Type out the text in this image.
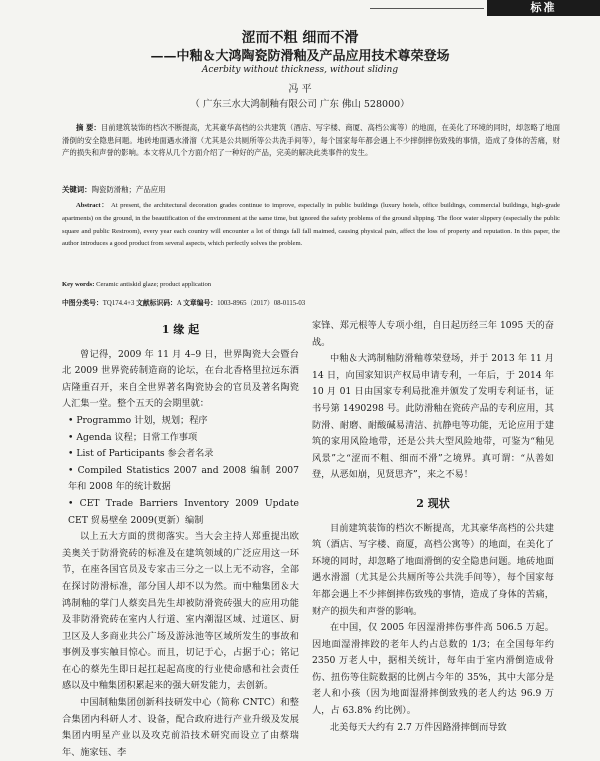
标准
涩而不粗 细而不滑
——中釉＆大鸿陶瓷防滑釉及产品应用技术尊荣登场
Acerbity without thickness, without sliding
冯 平
（ 广东三水大鸿制釉有限公司 广东 佛山 528000）
摘 要：目前建筑装饰的档次不断提高，尤其豪华高档的公共建筑（酒店、写字楼、商厦、高档公寓等）的地面，在美化了环境的同时，却忽略了地面滑倒的安全隐患问题。地砖地面遇水滑溜（尤其是公共厕所等公共洗手间等），每个国家每年都会遇上不少摔倒摔伤致残的事情，造成了身体的苦痛，财产的损失和声誉的影响。本文将从几个方面介绍了一种好的产品，完美的解决此类事件的发生。
关键词：陶瓷防滑釉；产品应用
Abstract： At present, the architectural decoration grades continue to improve, especially in public buildings (luxury hotels, office buildings, commercial buildings, high-grade apartments) on the ground, in the beautification of the environment at the same time, but ignored the safety problems of the ground slipping. The floor water slippery (especially the public square and public Restroom), every year each country will encounter a lot of things fall fall maimed, causing physical pain, affect the loss of property and reputation. In this paper, the author introduces a good product from several aspects, which perfectly solves the problem.
Key words: Ceramic antiskid glaze; product application
中图分类号：TQ174.4+3 文献标识码：A 文章编号：1003-8965（2017）08-0115-03
1 缘 起

曾记得，2009 年 11 月 4–9 日，世界陶瓷大会暨台北 2009 世界瓷砖制造商的论坛，在台北香格里拉远东酒店隆重召开，来自全世界著名陶瓷协会的官员及著名陶瓷人汇集一堂。整个五天的会期里就：

• Programmo 计划，规划；程序

• Agenda 议程；日常工作事项

• List of Participants 参会者名录

• Compiled Statistics 2007 and 2008 编制 2007 年和 2008 年的统计数据

• CET Trade Barriers Inventory 2009 Update CET 贸易壁垒 2009(更新）编制

以上五大方面的贯彻落实。当大会主持人郑重提出欧美奥关于防滑瓷砖的标准及在建筑领域的广泛应用这一环节，在座各国官员及专家击三分之一以上无不动容，全部在探讨防滑标准，部分国人却不以为然。而中釉集团＆大鸿制釉的掌门人蔡奕昌先生却被防滑瓷砖强大的应用功能及非防滑瓷砖在室内人行道、室内潮湿区域、过道区、厨卫区及人多商业共公广场及游泳池等区域所发生的事故和事例及事实触目惊心。而且，切记于心，占据于心；铭记在心的蔡先生即日起扛起起高度的行业使命感和社会责任感以及中釉集团积累起来的强大研发能力，去创新。

中国制釉集团创新科技研发中心（简称 CNTC）和整合集团内科研人才、设备，配合政府进行产业升级及发展集团内明星产业以及攻克前沿技术研究而设立了由蔡瑞年、施家钰、李

家锋、郑元根等人专项小组，自日起历经三年 1095 天的奋战。

中釉＆大鸿制釉防滑釉尊荣登场，并于 2013 年 11 月 14 日，向国家知识产权局申请专利，一年后，于 2014 年 10 月 01 日由国家专利局批准并颁发了发明专利证书，证书号第 1490298 号。此防滑釉在瓷砖产品的专利应用，其防滑、耐磨、耐酸碱易清洁、抗静电等功能，无论应用于建筑的家用风险地带，还是公共大型风险地带，可鉴为“釉见风景”之“涩而不粗、细而不滑”之境界。真可谓：“从善如登，从恶如崩，见贤思齐”，来之不易！

2 现状

目前建筑装饰的档次不断提高，尤其豪华高档的公共建筑（酒店、写字楼、商厦，高档公寓等）的地面，在美化了环境的同时，却忽略了地面滑倒的安全隐患问题。地砖地面遇水滑溜（尤其是公共厕所等公共洗手间等），每个国家每年都会遇上不少摔倒摔伤致残的事情，造成了身体的苦痛，财产的损失和声誉的影响。

在中国，仅 2005 年因湿滑摔伤事件高 506.5 万起。因地面湿滑摔跤的老年人约占总数的 1/3；在全国每年约 2350 万老人中，据相关统计，每年由于室内滑倒造成骨伤、扭伤等住院数据的比例占今年的 35%，其中大部分是老人和小孩（因为地面湿滑摔倒致残的老人约达 96.9 万人，占 63.8% 约比例）。

北美每天大约有 2.7 万件因路滑摔倒而导致
